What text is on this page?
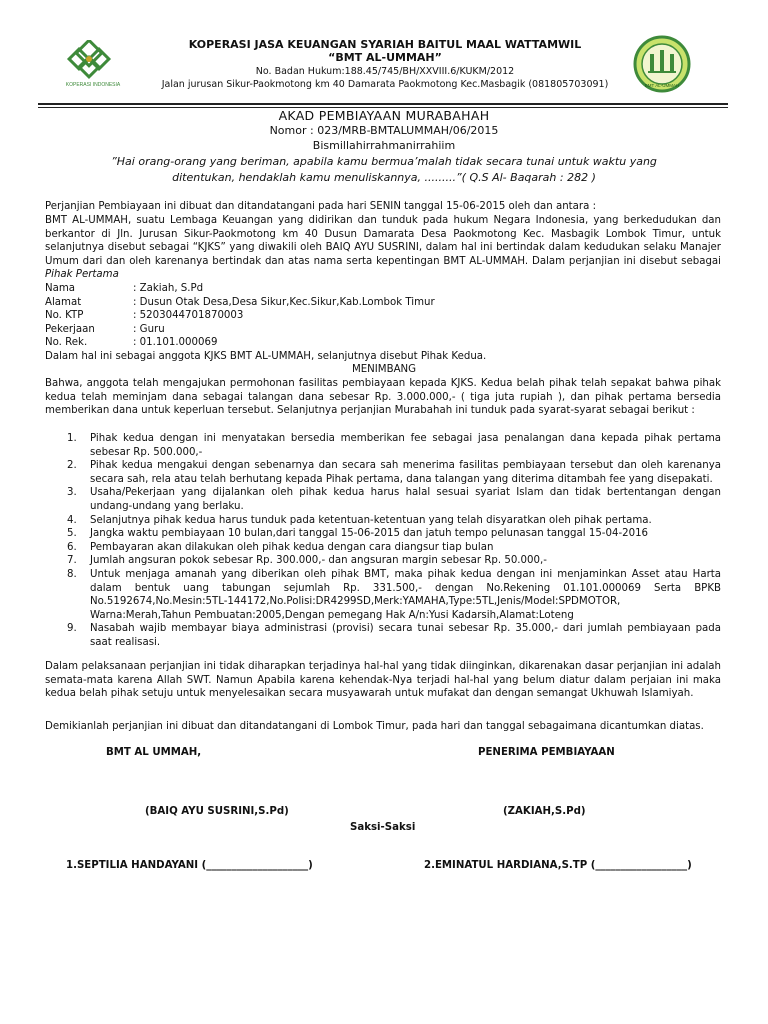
KOPERASI INDONESIA	BMT AL-UMMAH
KOPERASI JASA KEUANGAN SYARIAH BAITUL MAAL WATTAMWIL
“BMT AL-UMMAH”
No. Badan Hukum:188.45/745/BH/XXVIII.6/KUKM/2012
Jalan jurusan Sikur-Paokmotong km 40 Damarata Paokmotong Kec.Masbagik (081805703091)
AKAD PEMBIAYAAN MURABAHAH
Nomor : 023/MRB-BMTALUMMAH/06/2015
Bismillahirrahmanirrahiim
”Hai orang-orang yang beriman, apabila kamu bermua’malah tidak secara tunai untuk waktu yang
ditentukan, hendaklah kamu menuliskannya, .........”( Q.S Al- Baqarah : 282 )
Perjanjian Pembiayaan ini dibuat dan ditandatangani pada hari SENIN tanggal 15-06-2015 oleh dan antara :
BMT AL-UMMAH, suatu Lembaga Keuangan yang didirikan dan tunduk pada hukum Negara Indonesia, yang berkedudukan dan berkantor di Jln. Jurusan Sikur-Paokmotong km 40 Dusun Damarata Desa Paokmotong Kec. Masbagik Lombok Timur, untuk selanjutnya disebut sebagai “KJKS” yang diwakili oleh BAIQ AYU SUSRINI, dalam hal ini bertindak dalam kedudukan selaku Manajer Umum dari dan oleh karenanya bertindak dan atas nama serta kepentingan BMT AL-UMMAH. Dalam perjanjian ini disebut sebagai Pihak Pertama
Nama	: Zakiah, S.Pd
Alamat	: Dusun Otak Desa,Desa Sikur,Kec.Sikur,Kab.Lombok Timur
No. KTP	: 5203044701870003
Pekerjaan	: Guru
No. Rek.	: 01.101.000069
Dalam hal ini sebagai anggota KJKS BMT AL-UMMAH, selanjutnya disebut Pihak Kedua.
MENIMBANG
Bahwa, anggota telah mengajukan permohonan fasilitas pembiayaan kepada KJKS. Kedua belah pihak telah sepakat bahwa pihak kedua telah meminjam dana sebagai talangan dana sebesar Rp. 3.000.000,- ( tiga juta rupiah ), dan pihak pertama bersedia memberikan dana untuk keperluan tersebut. Selanjutnya perjanjian Murabahah ini tunduk pada syarat-syarat sebagai berikut :
1.	Pihak kedua dengan ini menyatakan bersedia memberikan fee sebagai jasa penalangan dana kepada pihak pertama sebesar Rp. 500.000,-
2.	Pihak kedua mengakui dengan sebenarnya dan secara sah menerima fasilitas pembiayaan tersebut dan oleh karenanya secara sah, rela atau telah berhutang kepada Pihak pertama, dana talangan yang diterima ditambah fee yang disepakati.
3.	Usaha/Pekerjaan yang dijalankan oleh pihak kedua harus halal sesuai syariat Islam dan tidak bertentangan dengan undang-undang yang berlaku.
4.	Selanjutnya pihak kedua harus tunduk pada ketentuan-ketentuan yang telah disyaratkan oleh pihak pertama.
5.	Jangka waktu pembiayaan 10 bulan,dari tanggal 15-06-2015 dan jatuh tempo pelunasan tanggal 15-04-2016
6.	Pembayaran akan dilakukan oleh pihak kedua dengan cara diangsur tiap bulan
7.	Jumlah angsuran pokok sebesar Rp. 300.000,- dan angsuran margin sebesar Rp. 50.000,-
8.	Untuk menjaga amanah yang diberikan oleh pihak BMT, maka pihak kedua dengan ini menjaminkan Asset atau Harta dalam bentuk uang tabungan sejumlah Rp. 331.500,- dengan No.Rekening 01.101.000069 Serta BPKB No.5192674,No.Mesin:5TL-144172,No.Polisi:DR4299SD,Merk:YAMAHA,Type:5TL,Jenis/Model:SPDMOTOR, Warna:Merah,Tahun Pembuatan:2005,Dengan pemegang Hak A/n:Yusi Kadarsih,Alamat:Loteng
9.	Nasabah wajib membayar biaya administrasi (provisi) secara tunai sebesar Rp. 35.000,- dari jumlah pembiayaan pada saat realisasi.
Dalam pelaksanaan perjanjian ini tidak diharapkan terjadinya hal-hal yang tidak diinginkan, dikarenakan dasar perjanjian ini adalah semata-mata karena Allah SWT. Namun Apabila karena kehendak-Nya terjadi hal-hal yang belum diatur dalam perjaian ini maka kedua belah pihak setuju untuk menyelesaikan secara musyawarah untuk mufakat dan dengan semangat Ukhuwah Islamiyah.
Demikianlah perjanjian ini dibuat dan ditandatangani di Lombok Timur, pada hari dan tanggal sebagaimana dicantumkan diatas.
BMT AL UMMAH,	PENERIMA PEMBIAYAAN
(BAIQ AYU SUSRINI,S.Pd)	(ZAKIAH,S.Pd)
Saksi-Saksi
1.SEPTILIA HANDAYANI (____________________)	2.EMINATUL HARDIANA,S.TP (__________________)
